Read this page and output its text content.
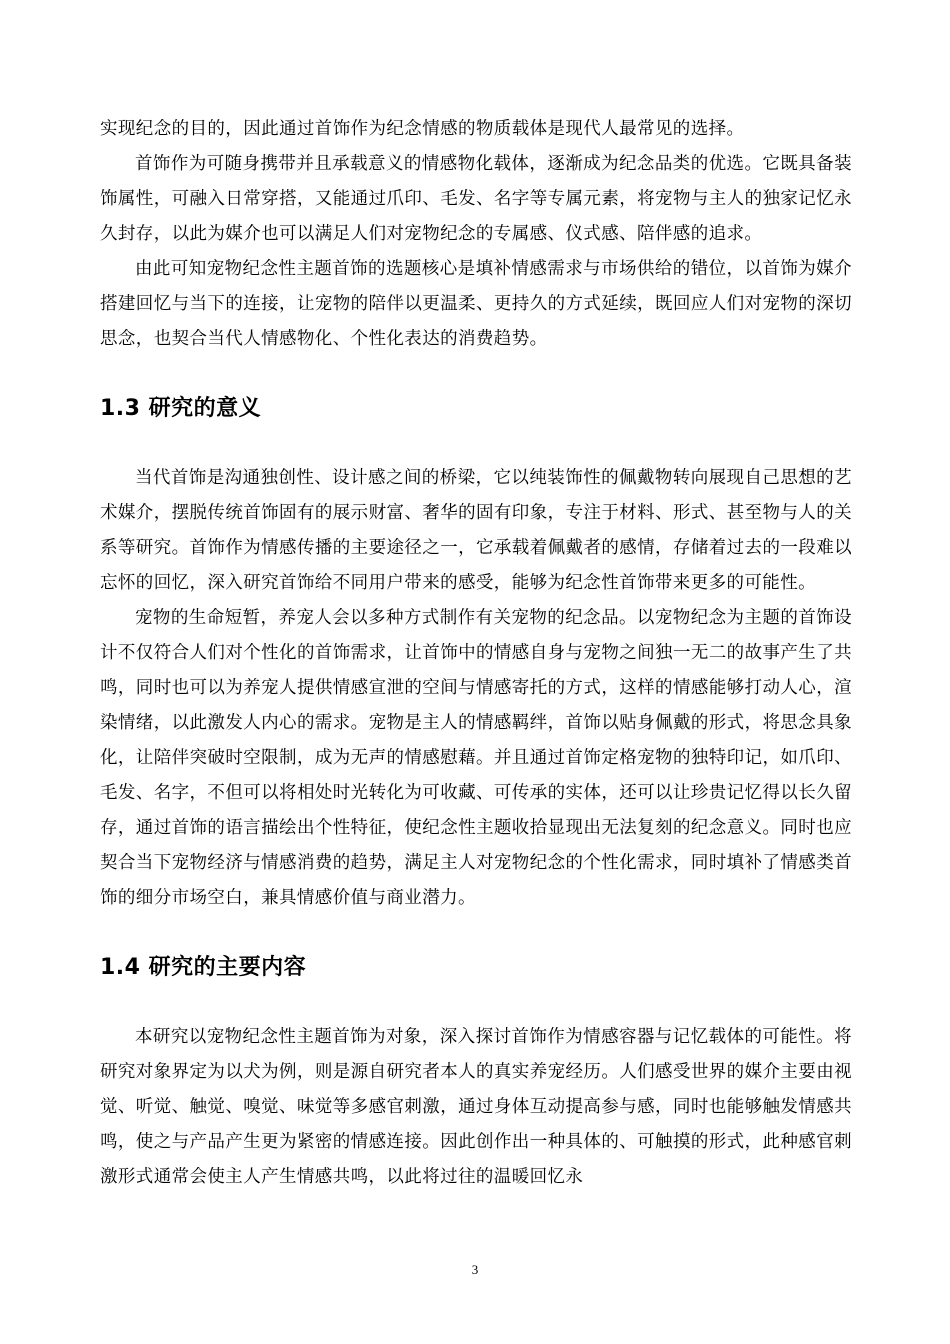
实现纪念的目的，因此通过首饰作为纪念情感的物质载体是现代人最常见的选择。

首饰作为可随身携带并且承载意义的情感物化载体，逐渐成为纪念品类的优选。它既具备装饰属性，可融入日常穿搭，又能通过爪印、毛发、名字等专属元素，将宠物与主人的独家记忆永久封存，以此为媒介也可以满足人们对宠物纪念的专属感、仪式感、陪伴感的追求。

由此可知宠物纪念性主题首饰的选题核心是填补情感需求与市场供给的错位，以首饰为媒介搭建回忆与当下的连接，让宠物的陪伴以更温柔、更持久的方式延续，既回应人们对宠物的深切思念，也契合当代人情感物化、个性化表达的消费趋势。

1.3 研究的意义

当代首饰是沟通独创性、设计感之间的桥梁，它以纯装饰性的佩戴物转向展现自己思想的艺术媒介，摆脱传统首饰固有的展示财富、奢华的固有印象，专注于材料、形式、甚至物与人的关系等研究。首饰作为情感传播的主要途径之一，它承载着佩戴者的感情，存储着过去的一段难以忘怀的回忆，深入研究首饰给不同用户带来的感受，能够为纪念性首饰带来更多的可能性。

宠物的生命短暂，养宠人会以多种方式制作有关宠物的纪念品。以宠物纪念为主题的首饰设计不仅符合人们对个性化的首饰需求，让首饰中的情感自身与宠物之间独一无二的故事产生了共鸣，同时也可以为养宠人提供情感宣泄的空间与情感寄托的方式，这样的情感能够打动人心，渲染情绪，以此激发人内心的需求。宠物是主人的情感羁绊，首饰以贴身佩戴的形式，将思念具象化，让陪伴突破时空限制，成为无声的情感慰藉。并且通过首饰定格宠物的独特印记，如爪印、毛发、名字，不但可以将相处时光转化为可收藏、可传承的实体，还可以让珍贵记忆得以长久留存，通过首饰的语言描绘出个性特征，使纪念性主题收拾显现出无法复刻的纪念意义。同时也应契合当下宠物经济与情感消费的趋势，满足主人对宠物纪念的个性化需求，同时填补了情感类首饰的细分市场空白，兼具情感价值与商业潜力。

1.4 研究的主要内容

本研究以宠物纪念性主题首饰为对象，深入探讨首饰作为情感容器与记忆载体的可能性。将研究对象界定为以犬为例，则是源自研究者本人的真实养宠经历。人们感受世界的媒介主要由视觉、听觉、触觉、嗅觉、味觉等多感官刺激，通过身体互动提高参与感，同时也能够触发情感共鸣，使之与产品产生更为紧密的情感连接。因此创作出一种具体的、可触摸的形式，此种感官刺激形式通常会使主人产生情感共鸣，以此将过往的温暖回忆永

3
